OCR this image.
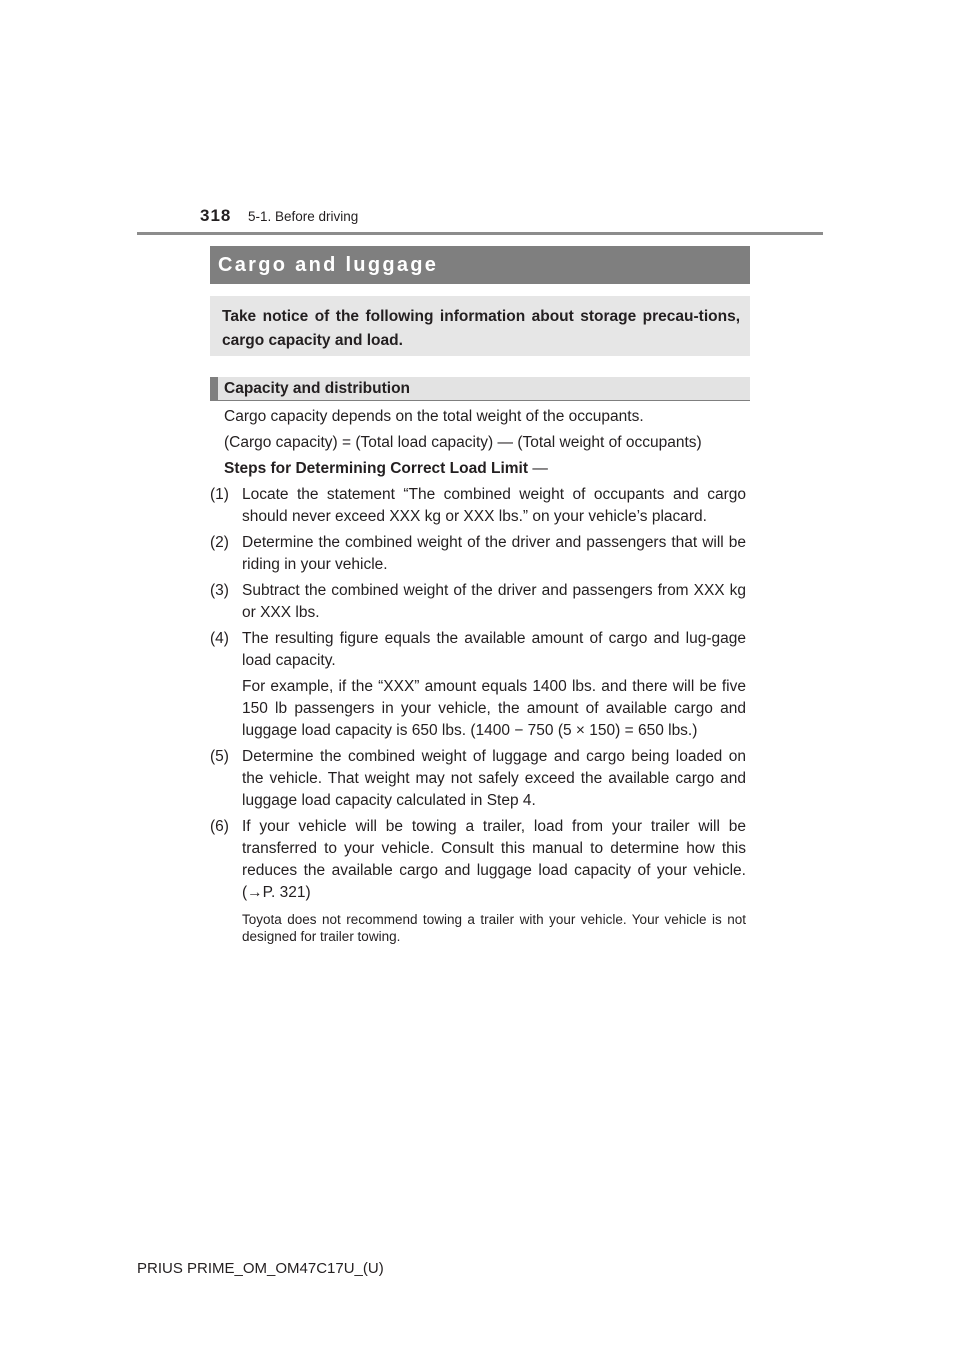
318 5-1. Before driving
Cargo and luggage
Take notice of the following information about storage precau-tions, cargo capacity and load.
Capacity and distribution

Cargo capacity depends on the total weight of the occupants.

(Cargo capacity) = (Total load capacity) — (Total weight of occupants)

Steps for Determining Correct Load Limit —

(1) Locate the statement “The combined weight of occupants and cargo should never exceed XXX kg or XXX lbs.” on your vehicle’s placard.
(2) Determine the combined weight of the driver and passengers that will be riding in your vehicle.
(3) Subtract the combined weight of the driver and passengers from XXX kg or XXX lbs.
(4) The resulting figure equals the available amount of cargo and lug-gage load capacity.

For example, if the “XXX” amount equals 1400 lbs. and there will be five 150 lb passengers in your vehicle, the amount of available cargo and luggage load capacity is 650 lbs. (1400 − 750 (5 × 150) = 650 lbs.)

(5) Determine the combined weight of luggage and cargo being loaded on the vehicle. That weight may not safely exceed the available cargo and luggage load capacity calculated in Step 4.
(6) If your vehicle will be towing a trailer, load from your trailer will be transferred to your vehicle. Consult this manual to determine how this reduces the available cargo and luggage load capacity of your vehicle. (→P. 321)

Toyota does not recommend towing a trailer with your vehicle. Your vehicle is not designed for trailer towing.

PRIUS PRIME_OM_OM47C17U_(U)
